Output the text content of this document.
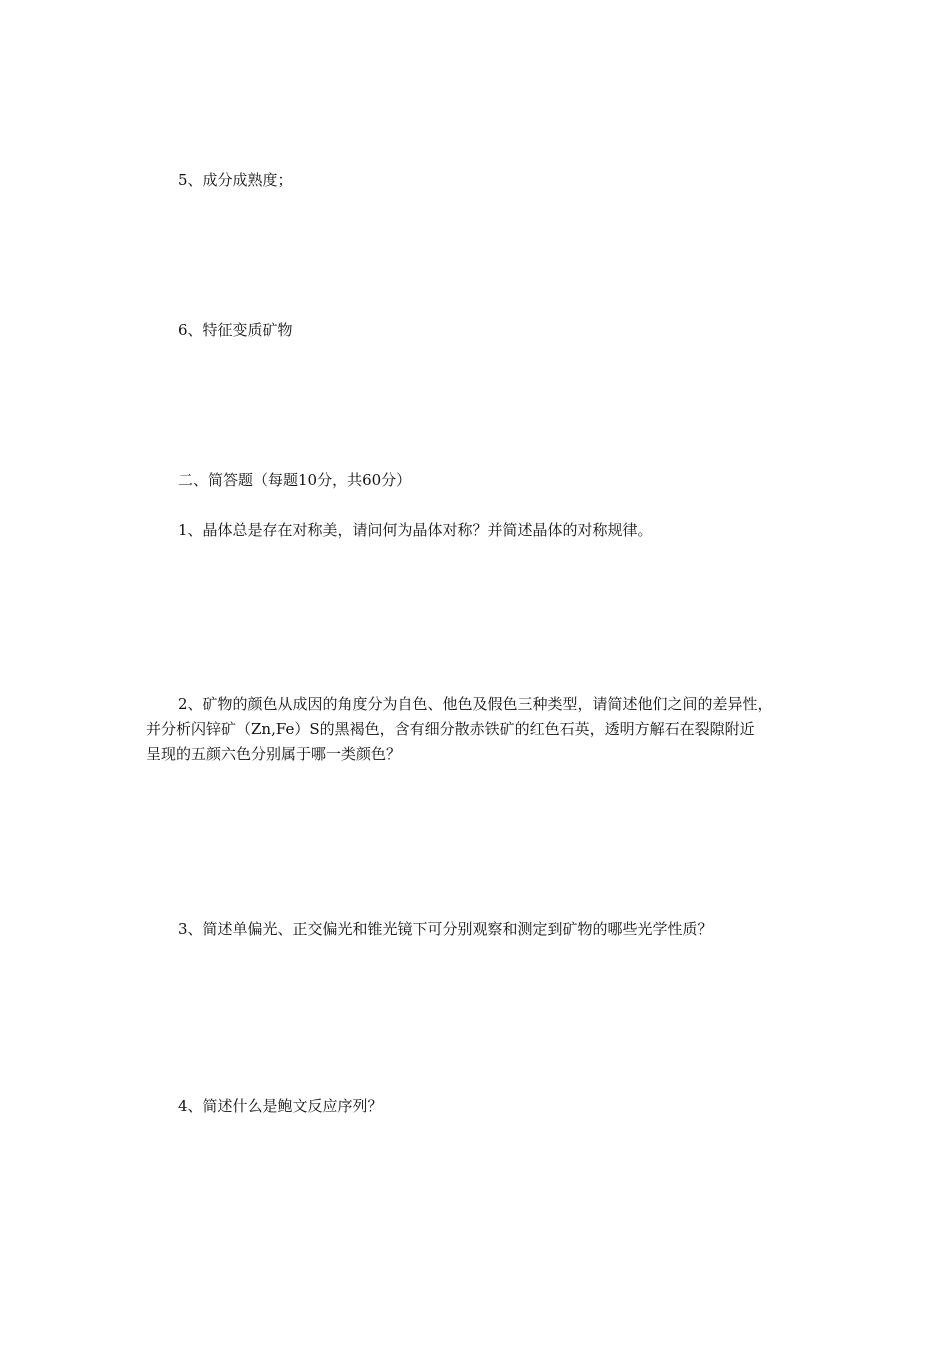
5、成分成熟度；
6、特征变质矿物
二、简答题（每题10分，共60分）
1、晶体总是存在对称美，请问何为晶体对称？并简述晶体的对称规律。
2、矿物的颜色从成因的角度分为自色、他色及假色三种类型，请简述他们之间的差异性，
并分析闪锌矿（Zn,Fe）S的黑褐色，含有细分散赤铁矿的红色石英，透明方解石在裂隙附近
呈现的五颜六色分别属于哪一类颜色？
3、简述单偏光、正交偏光和锥光镜下可分别观察和测定到矿物的哪些光学性质？
4、简述什么是鲍文反应序列？
